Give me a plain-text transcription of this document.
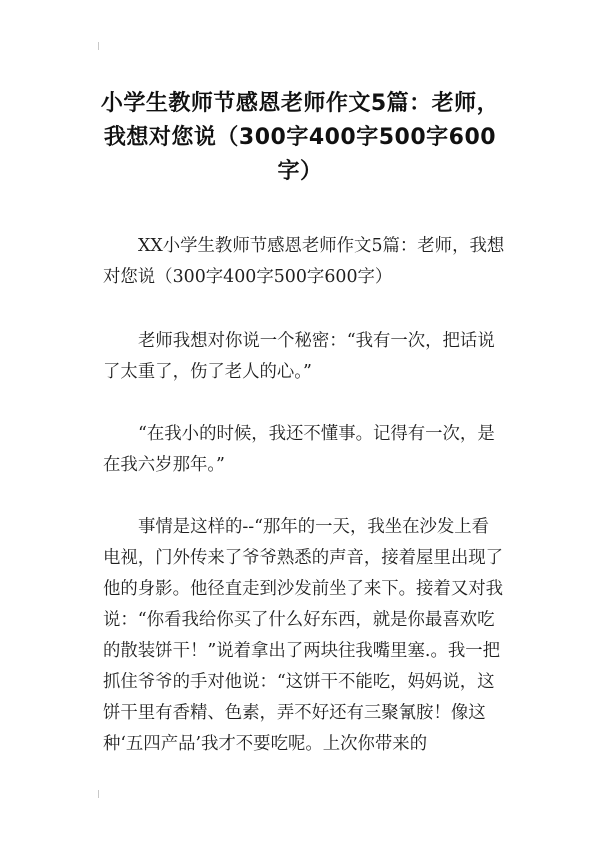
小学生教师节感恩老师作文5篇：老师，我想对您说（300字400字500字600字）

XX小学生教师节感恩老师作文5篇：老师，我想对您说（300字400字500字600字）

老师我想对你说一个秘密：“我有一次，把话说了太重了，伤了老人的心。”

“在我小的时候，我还不懂事。记得有一次，是在我六岁那年。”

事情是这样的--“那年的一天，我坐在沙发上看电视，门外传来了爷爷熟悉的声音，接着屋里出现了他的身影。他径直走到沙发前坐了来下。接着又对我说：“你看我给你买了什么好东西，就是你最喜欢吃的散装饼干！”说着拿出了两块往我嘴里塞.。我一把抓住爷爷的手对他说：“这饼干不能吃，妈妈说，这饼干里有香精、色素，弄不好还有三聚氰胺！像这种‘五四产品’我才不要吃呢。上次你带来的
